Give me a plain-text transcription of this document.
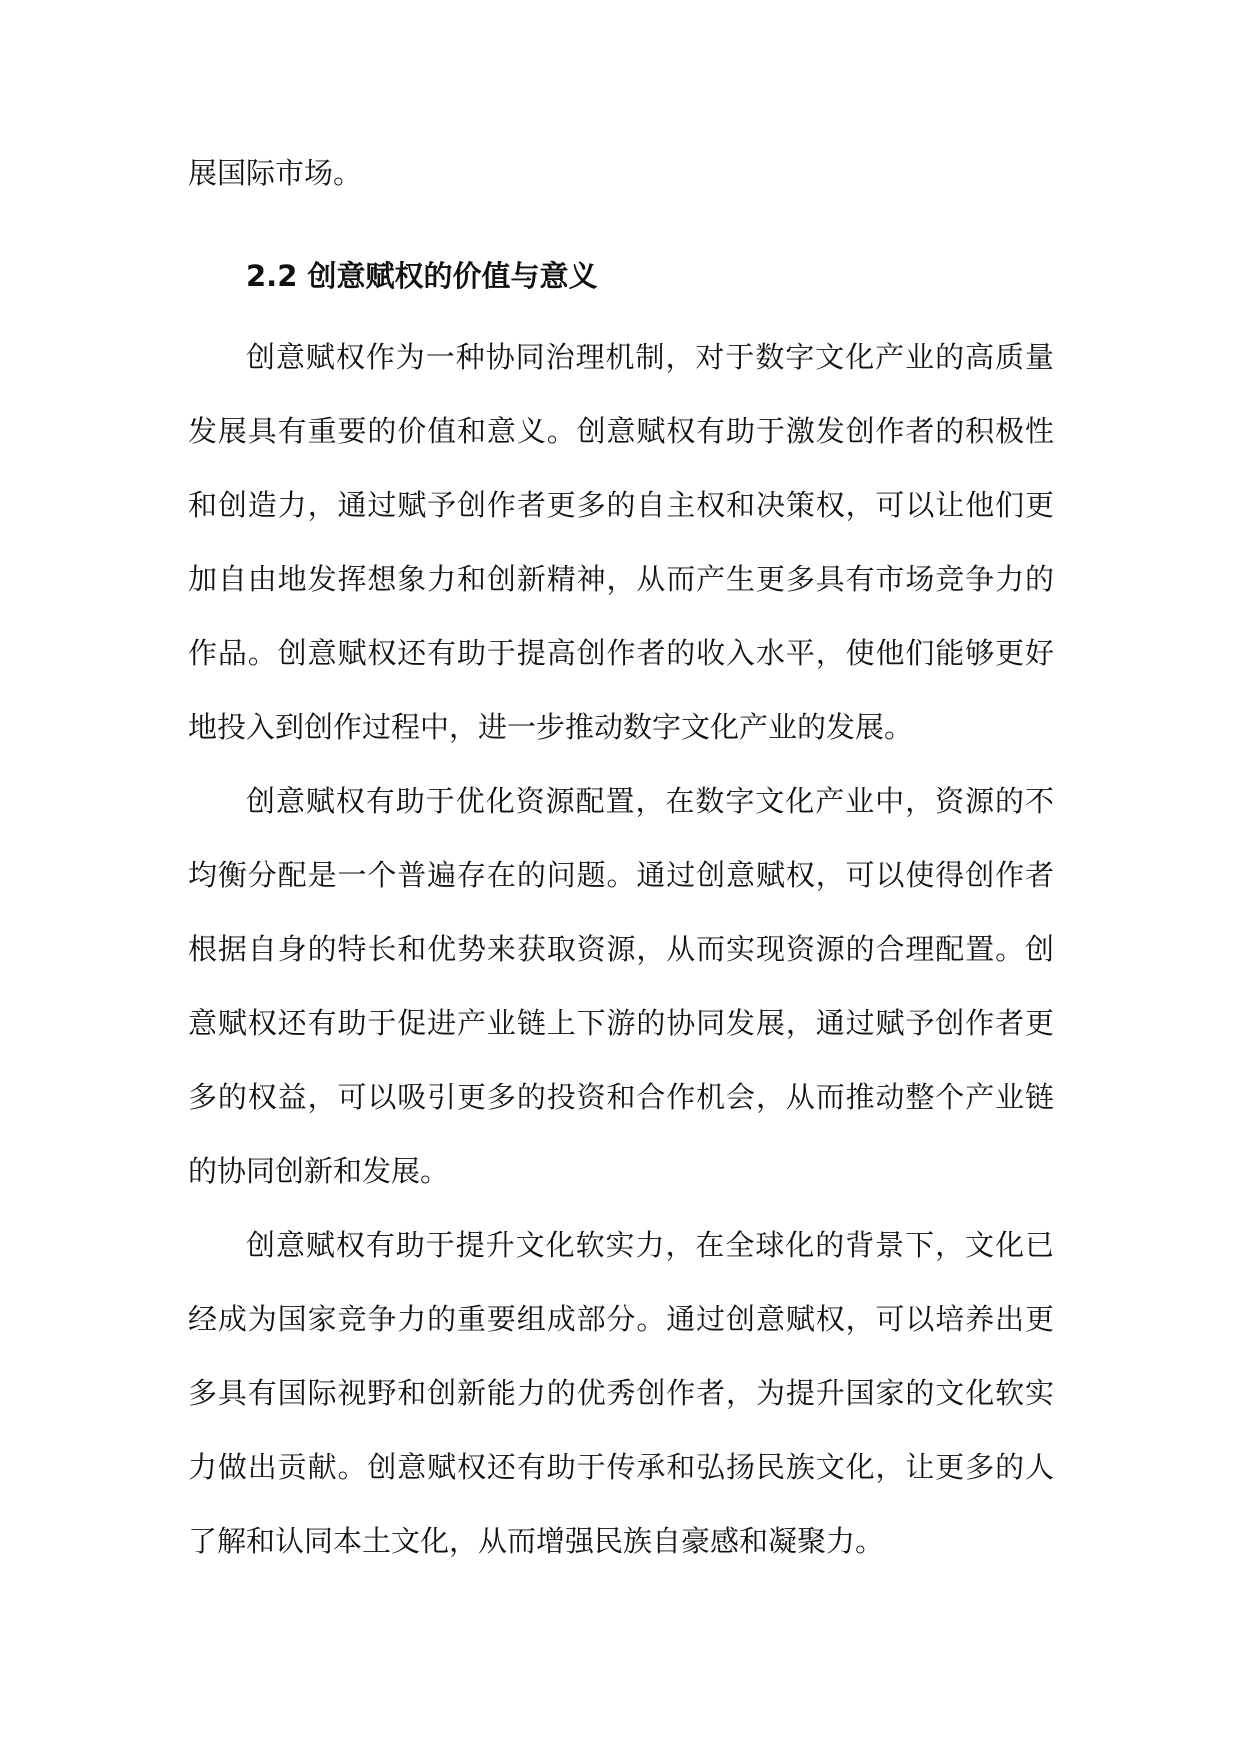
展国际市场。
2.2 创意赋权的价值与意义

创意赋权作为一种协同治理机制，对于数字文化产业的高质量发展具有重要的价值和意义。创意赋权有助于激发创作者的积极性和创造力，通过赋予创作者更多的自主权和决策权，可以让他们更加自由地发挥想象力和创新精神，从而产生更多具有市场竞争力的作品。创意赋权还有助于提高创作者的收入水平，使他们能够更好地投入到创作过程中，进一步推动数字文化产业的发展。

创意赋权有助于优化资源配置，在数字文化产业中，资源的不均衡分配是一个普遍存在的问题。通过创意赋权，可以使得创作者根据自身的特长和优势来获取资源，从而实现资源的合理配置。创意赋权还有助于促进产业链上下游的协同发展，通过赋予创作者更多的权益，可以吸引更多的投资和合作机会，从而推动整个产业链的协同创新和发展。

创意赋权有助于提升文化软实力，在全球化的背景下，文化已经成为国家竞争力的重要组成部分。通过创意赋权，可以培养出更多具有国际视野和创新能力的优秀创作者，为提升国家的文化软实力做出贡献。创意赋权还有助于传承和弘扬民族文化，让更多的人了解和认同本土文化，从而增强民族自豪感和凝聚力。
